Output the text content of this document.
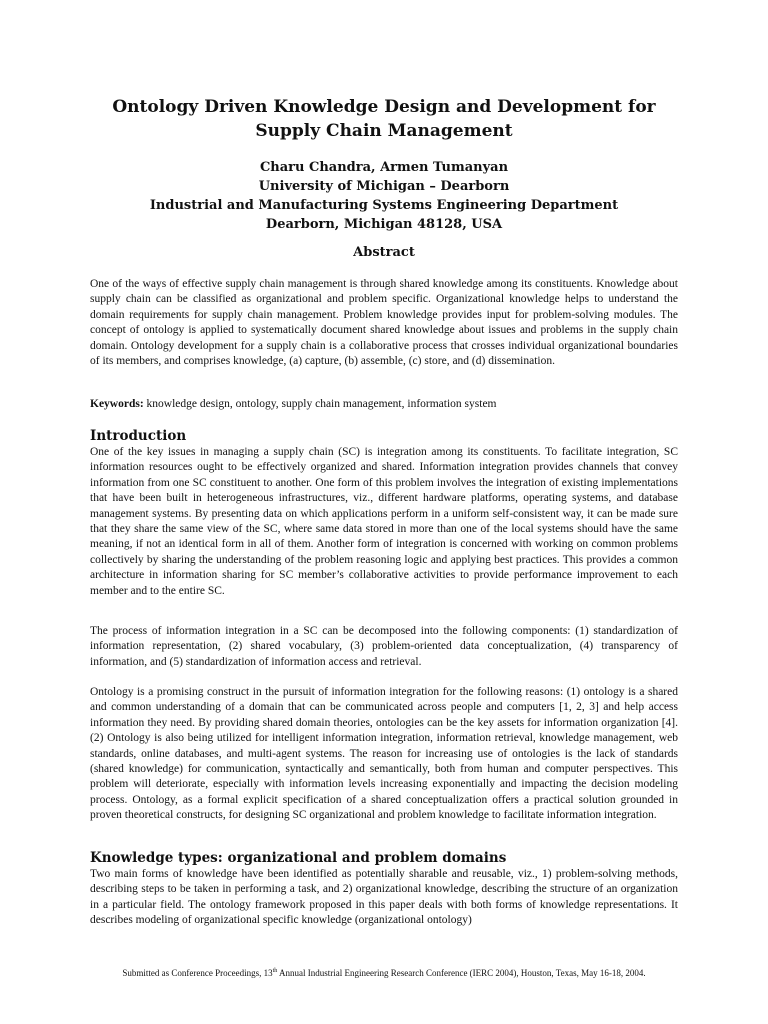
Ontology Driven Knowledge Design and Development for Supply Chain Management
Charu Chandra, Armen Tumanyan
University of Michigan – Dearborn
Industrial and Manufacturing Systems Engineering Department
Dearborn, Michigan 48128, USA
Abstract

One of the ways of effective supply chain management is through shared knowledge among its constituents. Knowledge about supply chain can be classified as organizational and problem specific. Organizational knowledge helps to understand the domain requirements for supply chain management. Problem knowledge provides input for problem-solving modules. The concept of ontology is applied to systematically document shared knowledge about issues and problems in the supply chain domain. Ontology development for a supply chain is a collaborative process that crosses individual organizational boundaries of its members, and comprises knowledge, (a) capture, (b) assemble, (c) store, and (d) dissemination.

Keywords: knowledge design, ontology, supply chain management, information system

Introduction

One of the key issues in managing a supply chain (SC) is integration among its constituents. To facilitate integration, SC information resources ought to be effectively organized and shared. Information integration provides channels that convey information from one SC constituent to another. One form of this problem involves the integration of existing implementations that have been built in heterogeneous infrastructures, viz., different hardware platforms, operating systems, and database management systems. By presenting data on which applications perform in a uniform self-consistent way, it can be made sure that they share the same view of the SC, where same data stored in more than one of the local systems should have the same meaning, if not an identical form in all of them. Another form of integration is concerned with working on common problems collectively by sharing the understanding of the problem reasoning logic and applying best practices. This provides a common architecture in information sharing for SC member’s collaborative activities to provide performance improvement to each member and to the entire SC.

The process of information integration in a SC can be decomposed into the following components: (1) standardization of information representation, (2) shared vocabulary, (3) problem-oriented data conceptualization, (4) transparency of information, and (5) standardization of information access and retrieval.

Ontology is a promising construct in the pursuit of information integration for the following reasons: (1) ontology is a shared and common understanding of a domain that can be communicated across people and computers [1, 2, 3] and help access information they need. By providing shared domain theories, ontologies can be the key assets for information organization [4]. (2) Ontology is also being utilized for intelligent information integration, information retrieval, knowledge management, web standards, online databases, and multi-agent systems. The reason for increasing use of ontologies is the lack of standards (shared knowledge) for communication, syntactically and semantically, both from human and computer perspectives. This problem will deteriorate, especially with information levels increasing exponentially and impacting the decision modeling process. Ontology, as a formal explicit specification of a shared conceptualization offers a practical solution grounded in proven theoretical constructs, for designing SC organizational and problem knowledge to facilitate information integration.

Knowledge types: organizational and problem domains

Two main forms of knowledge have been identified as potentially sharable and reusable, viz., 1) problem-solving methods, describing steps to be taken in performing a task, and 2) organizational knowledge, describing the structure of an organization in a particular field. The ontology framework proposed in this paper deals with both forms of knowledge representations. It describes modeling of organizational specific knowledge (organizational ontology)

Submitted as Conference Proceedings, 13th Annual Industrial Engineering Research Conference (IERC 2004), Houston, Texas, May 16-18, 2004.
